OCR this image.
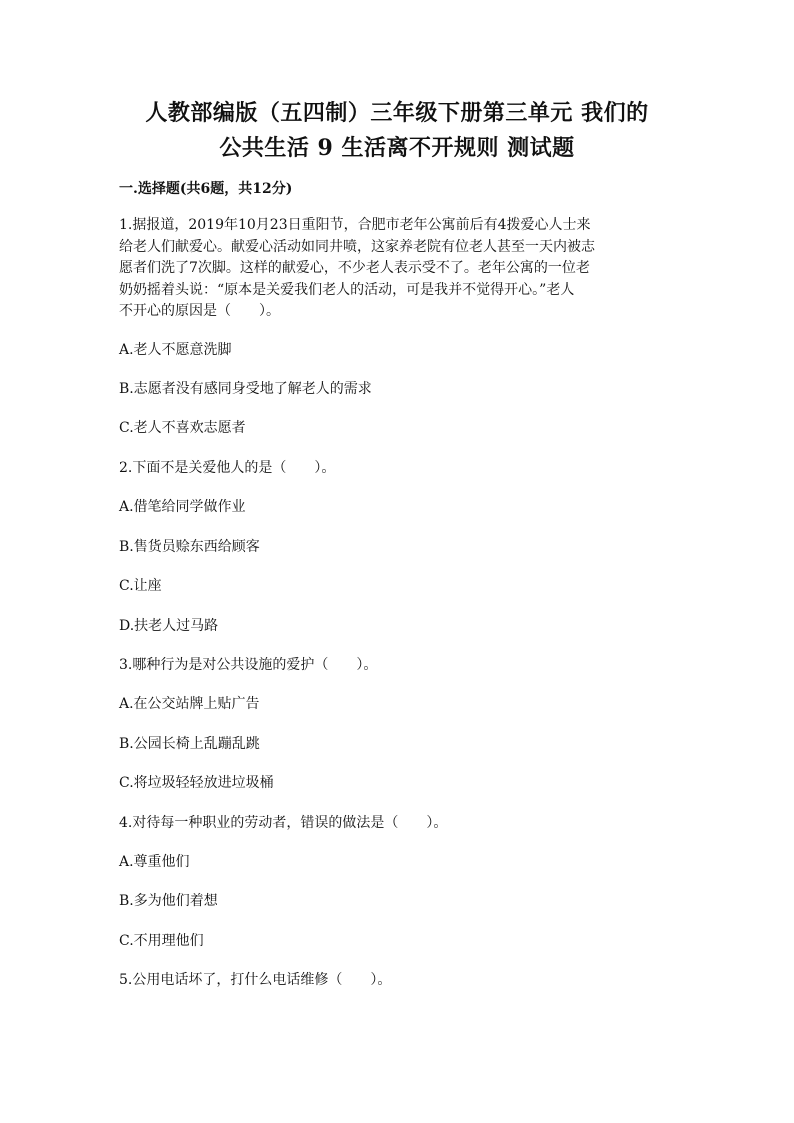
人教部编版（五四制）三年级下册第三单元 我们的
公共生活 9 生活离不开规则 测试题
一.选择题(共6题，共12分)
1.据报道，2019年10月23日重阳节，合肥市老年公寓前后有4拨爱心人士来
给老人们献爱心。献爱心活动如同井喷，这家养老院有位老人甚至一天内被志
愿者们洗了7次脚。这样的献爱心，不少老人表示受不了。老年公寓的一位老
奶奶摇着头说：“原本是关爱我们老人的活动，可是我并不觉得开心。”老人
不开心的原因是（　　）。
A.老人不愿意洗脚
B.志愿者没有感同身受地了解老人的需求
C.老人不喜欢志愿者
2.下面不是关爱他人的是（　　）。
A.借笔给同学做作业
B.售货员赊东西给顾客
C.让座
D.扶老人过马路
3.哪种行为是对公共设施的爱护（　　）。
A.在公交站牌上贴广告
B.公园长椅上乱蹦乱跳
C.将垃圾轻轻放进垃圾桶
4.对待每一种职业的劳动者，错误的做法是（　　）。
A.尊重他们
B.多为他们着想
C.不用理他们
5.公用电话坏了，打什么电话维修（　　）。
